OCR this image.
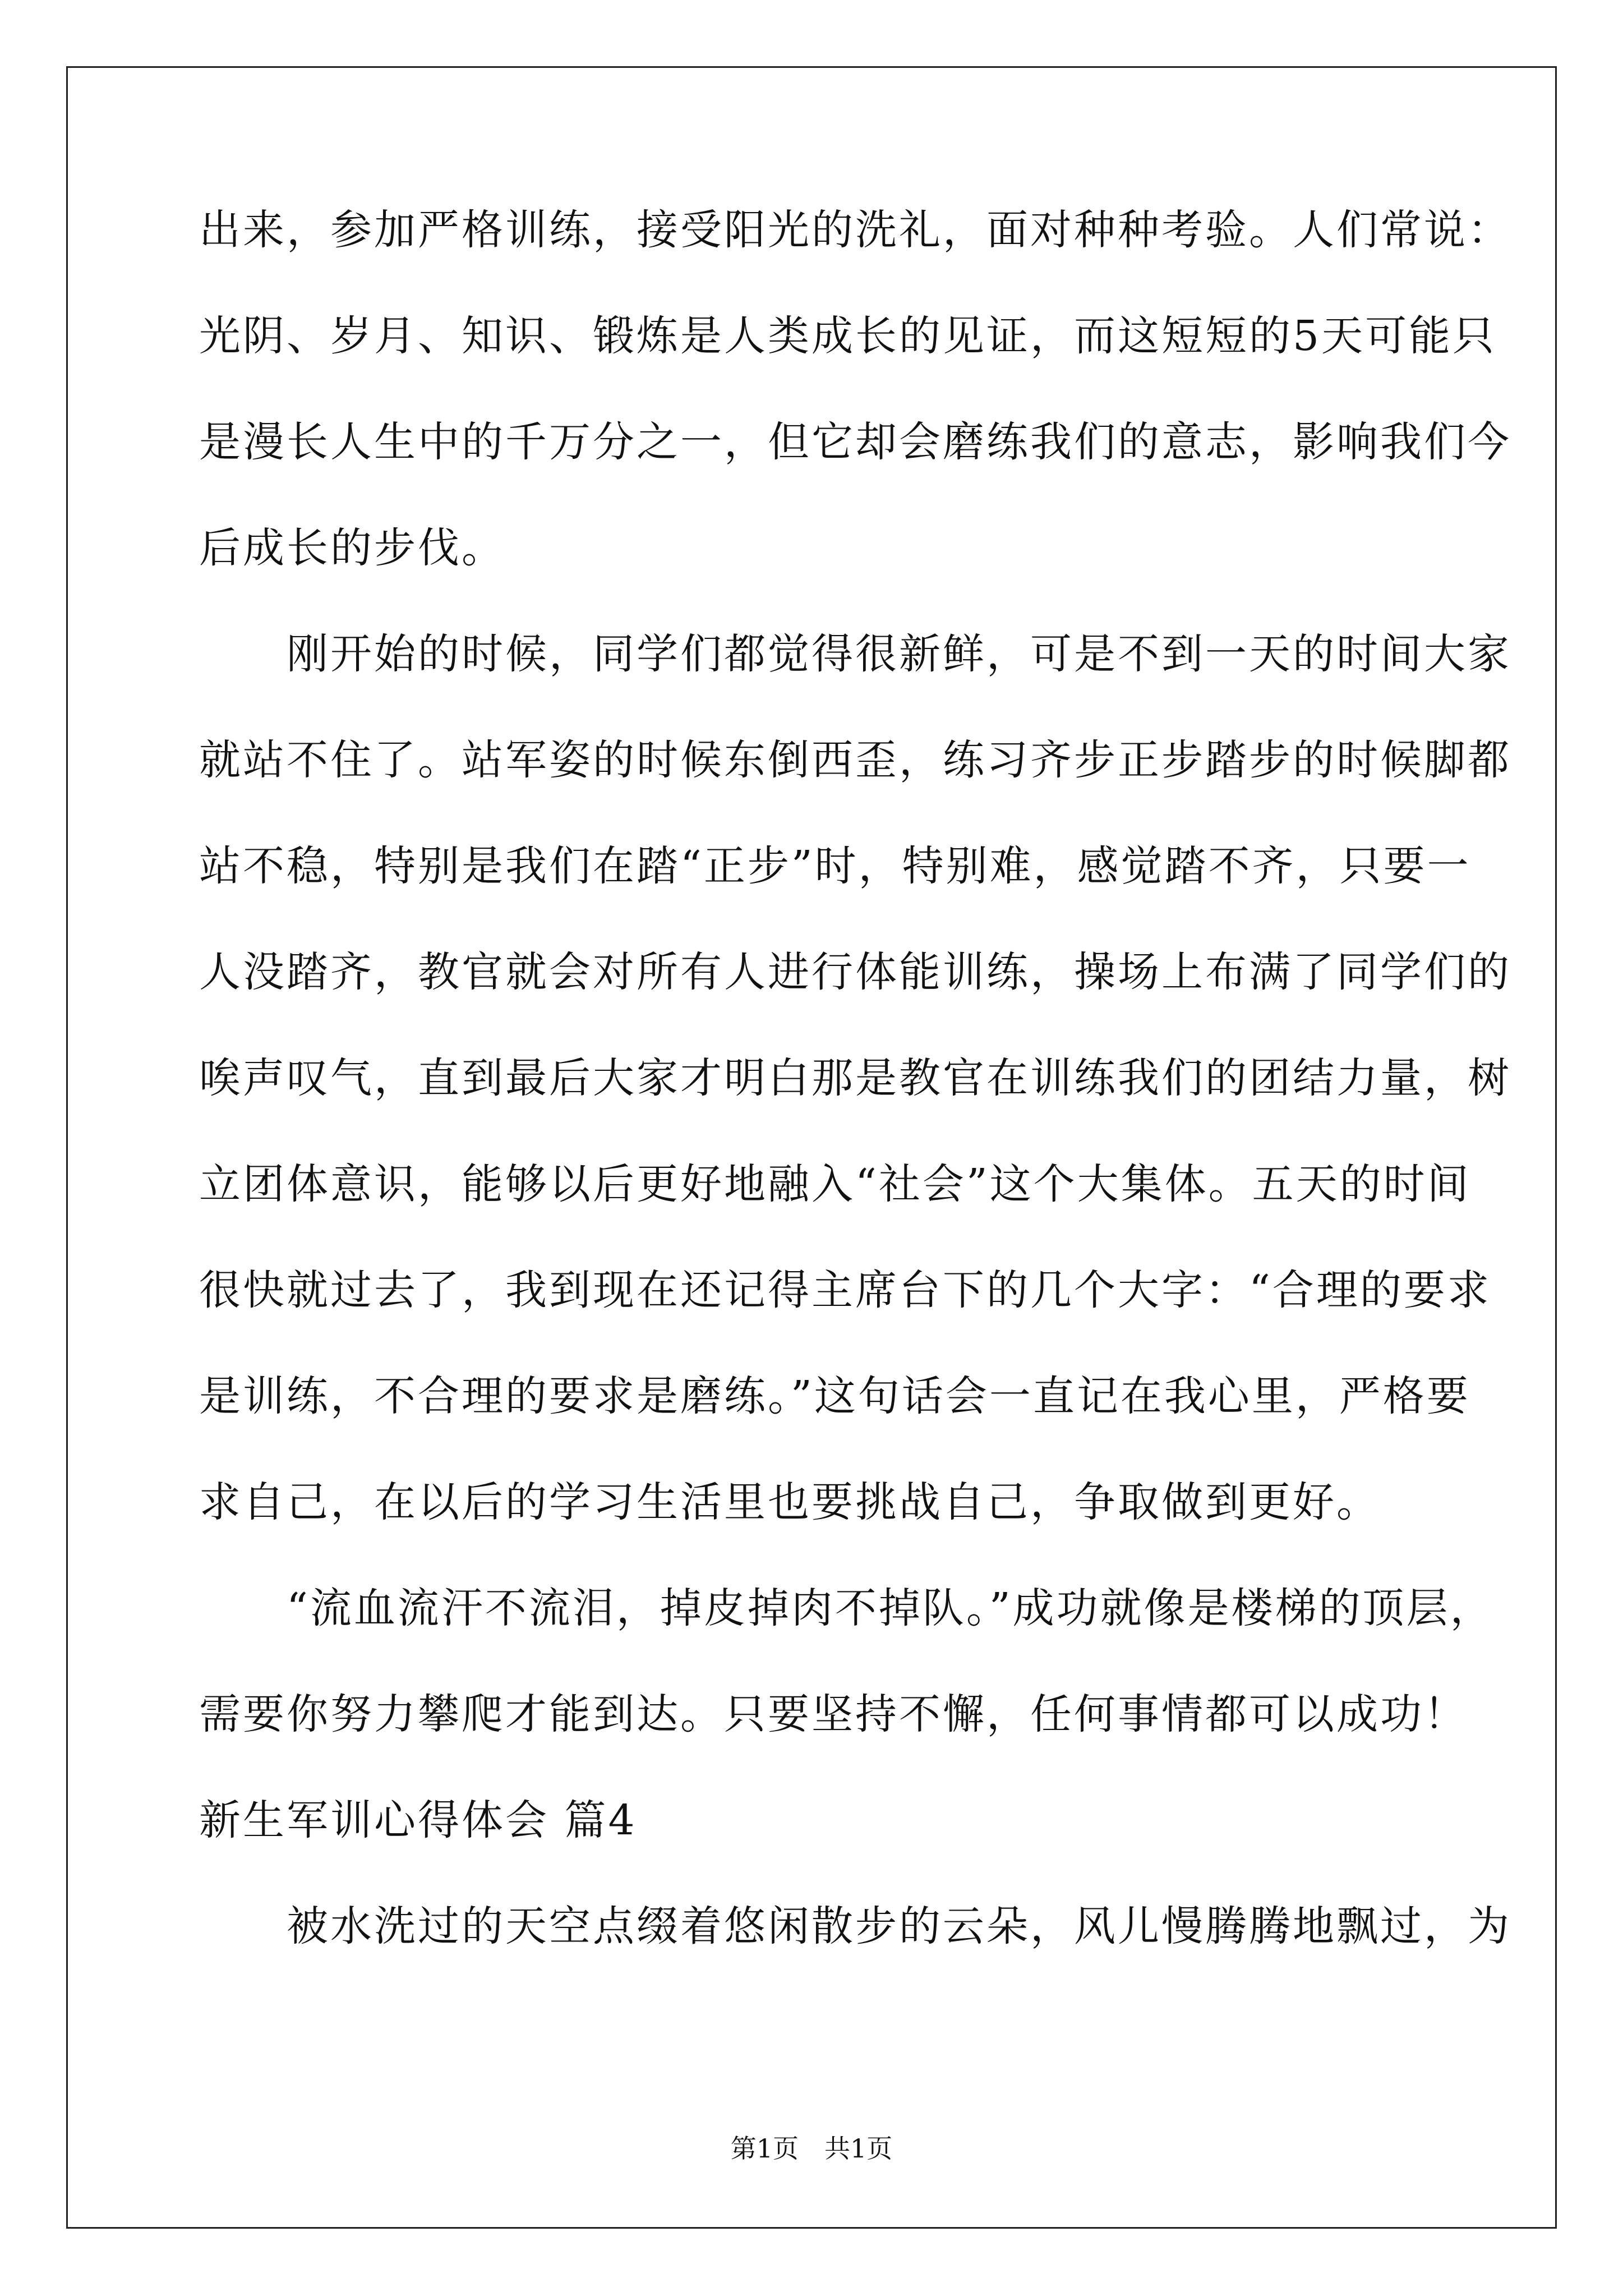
出来，参加严格训练，接受阳光的洗礼，面对种种考验。人们常说：
光阴、岁月、知识、锻炼是人类成长的见证，而这短短的5天可能只
是漫长人生中的千万分之一，但它却会磨练我们的意志，影响我们今
后成长的步伐。
　　刚开始的时候，同学们都觉得很新鲜，可是不到一天的时间大家
就站不住了。站军姿的时候东倒西歪，练习齐步正步踏步的时候脚都
站不稳，特别是我们在踏“正步”时，特别难，感觉踏不齐，只要一
人没踏齐，教官就会对所有人进行体能训练，操场上布满了同学们的
唉声叹气，直到最后大家才明白那是教官在训练我们的团结力量，树
立团体意识，能够以后更好地融入“社会”这个大集体。五天的时间
很快就过去了，我到现在还记得主席台下的几个大字：“合理的要求
是训练，不合理的要求是磨练。”这句话会一直记在我心里，严格要
求自己，在以后的学习生活里也要挑战自己，争取做到更好。
　　“流血流汗不流泪，掉皮掉肉不掉队。”成功就像是楼梯的顶层，
需要你努力攀爬才能到达。只要坚持不懈，任何事情都可以成功！
新生军训心得体会 篇4
　　被水洗过的天空点缀着悠闲散步的云朵，风儿慢腾腾地飘过，为
第1页　共1页
